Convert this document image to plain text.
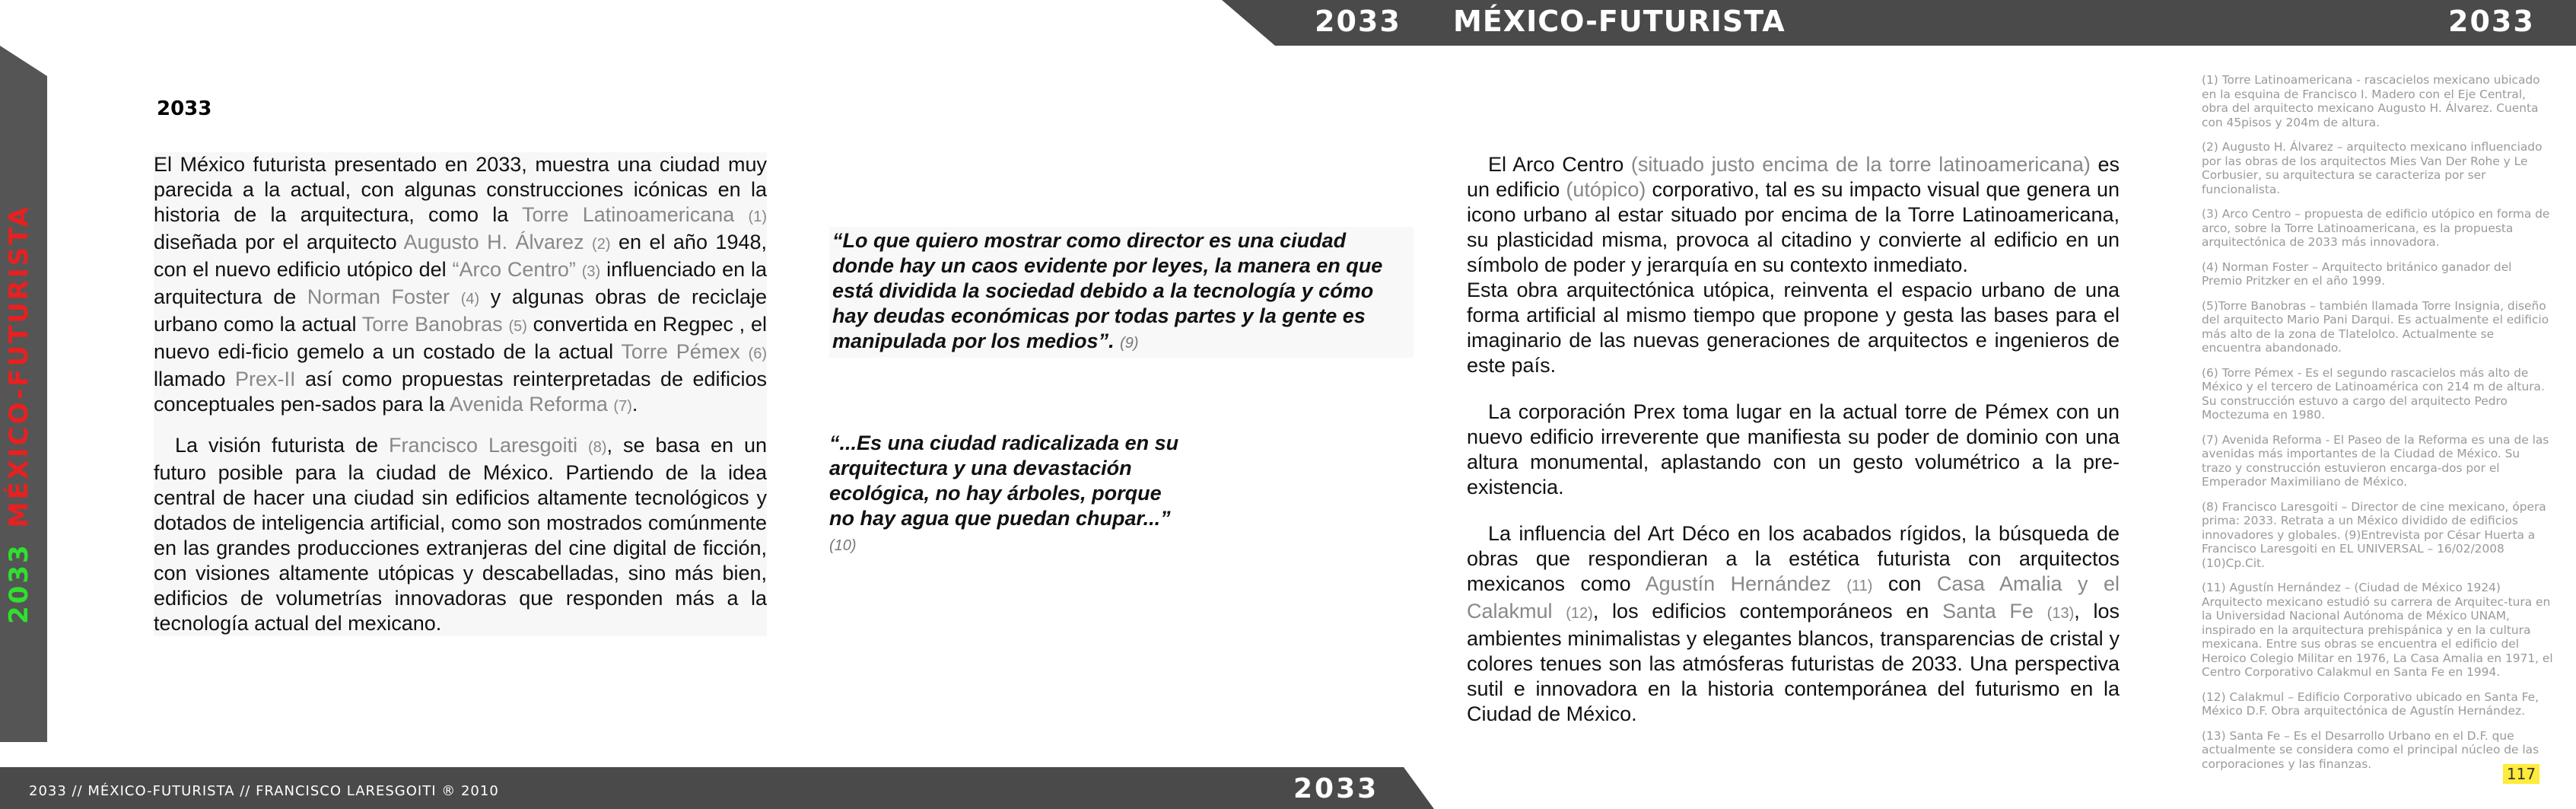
2033 MÉXICO-FUTURISTA	2033
2033MÉXICO-FUTURISTA
2033

El México futurista presentado en 2033, muestra una ciudad muy parecida a la actual, con algunas construcciones icónicas en la historia de la arquitectura, como la Torre Latinoamericana (1) diseñada por el arquitecto Augusto H. Álvarez (2) en el año 1948, con el nuevo edificio utópico del “Arco Centro” (3) influenciado en la arquitectura de Norman Foster (4) y algunas obras de reciclaje urbano como la actual Torre Banobras (5) convertida en Regpec , el nuevo edi-ficio gemelo a un costado de la actual Torre Pémex (6) llamado Prex-II así como propuestas reinterpretadas de edificios conceptuales pen-sados para la Avenida Reforma (7).

La visión futurista de Francisco Laresgoiti (8), se basa en un futuro posible para la ciudad de México. Partiendo de la idea central de hacer una ciudad sin edificios altamente tecnológicos y dotados de inteligencia artificial, como son mostrados comúnmente en las grandes producciones extranjeras del cine digital de ficción, con visiones altamente utópicas y descabelladas, sino más bien, edificios de volumetrías innovadoras que responden más a la tecnología actual del mexicano.

“Lo que quiero mostrar como director es una ciudad donde hay un caos evidente por leyes, la manera en que está dividida la sociedad debido a la tecnología y cómo hay deudas económicas por todas partes y la gente es manipulada por los medios”. (9)
“...Es una ciudad radicalizada en su arquitectura y una devastación ecológica, no hay árboles, porque no hay agua que puedan chupar...”
(10)

El Arco Centro (situado justo encima de la torre latinoamericana) es un edificio (utópico) corporativo, tal es su impacto visual que genera un icono urbano al estar situado por encima de la Torre Latinoamericana, su plasticidad misma, provoca al citadino y convierte al edificio en un símbolo de poder y jerarquía en su contexto inmediato.

Esta obra arquitectónica utópica, reinventa el espacio urbano de una forma artificial al mismo tiempo que propone y gesta las bases para el imaginario de las nuevas generaciones de arquitectos e ingenieros de este país.

La corporación Prex toma lugar en la actual torre de Pémex con un nuevo edificio irreverente que manifiesta su poder de dominio con una altura monumental, aplastando con un gesto volumétrico a la pre-existencia.

La influencia del Art Déco en los acabados rígidos, la búsqueda de obras que respondieran a la estética futurista con arquitectos mexicanos como Agustín Hernández (11) con Casa Amalia y el Calakmul (12), los edificios contemporáneos en Santa Fe (13), los ambientes minimalistas y elegantes blancos, transparencias de cristal y colores tenues son las atmósferas futuristas de 2033. Una perspectiva sutil e innovadora en la historia contemporánea del futurismo en la Ciudad de México.

(1) Torre Latinoamericana - rascacielos mexicano ubicado en la esquina de Francisco I. Madero con el Eje Central, obra del arquitecto mexicano Augusto H. Álvarez. Cuenta con 45pisos y 204m de altura.

(2) Augusto H. Álvarez – arquitecto mexicano influenciado por las obras de los arquitectos Mies Van Der Rohe y Le Corbusier, su arquitectura se caracteriza por ser funcionalista.

(3) Arco Centro – propuesta de edificio utópico en forma de arco, sobre la Torre Latinoamericana, es la propuesta arquitectónica de 2033 más innovadora.

(4) Norman Foster – Arquitecto británico ganador del Premio Pritzker en el año 1999.

(5)Torre Banobras – también llamada Torre Insignia, diseño del arquitecto Mario Pani Darqui. Es actualmente el edificio más alto de la zona de Tlatelolco. Actualmente se encuentra abandonado.

(6) Torre Pémex - Es el segundo rascacielos más alto de México y el tercero de Latinoamérica con 214 m de altura. Su construcción estuvo a cargo del arquitecto Pedro Moctezuma en 1980.

(7) Avenida Reforma - El Paseo de la Reforma es una de las avenidas más importantes de la Ciudad de México. Su trazo y construcción estuvieron encarga-dos por el Emperador Maximiliano de México.

(8) Francisco Laresgoiti – Director de cine mexicano, ópera prima: 2033. Retrata a un México dividido de edificios innovadores y globales. (9)Entrevista por César Huerta a Francisco Laresgoiti en EL UNIVERSAL – 16/02/2008 (10)Cp.Cit.

(11) Agustín Hernández – (Ciudad de México 1924) Arquitecto mexicano estudió su carrera de Arquitec-tura en la Universidad Nacional Autónoma de México UNAM, inspirado en la arquitectura prehispánica y en la cultura mexicana. Entre sus obras se encuentra el edificio del Heroico Colegio Militar en 1976, La Casa Amalia en 1971, el Centro Corporativo Calakmul en Santa Fe en 1994.

(12) Calakmul – Edificio Corporativo ubicado en Santa Fe, México D.F. Obra arquitectónica de Agustín Hernández.

(13) Santa Fe – Es el Desarrollo Urbano en el D.F. que actualmente se considera como el principal núcleo de las corporaciones y las finanzas.

2033 // MÉXICO-FUTURISTA // FRANCISCO LARESGOITI ® 2010	2033	117
